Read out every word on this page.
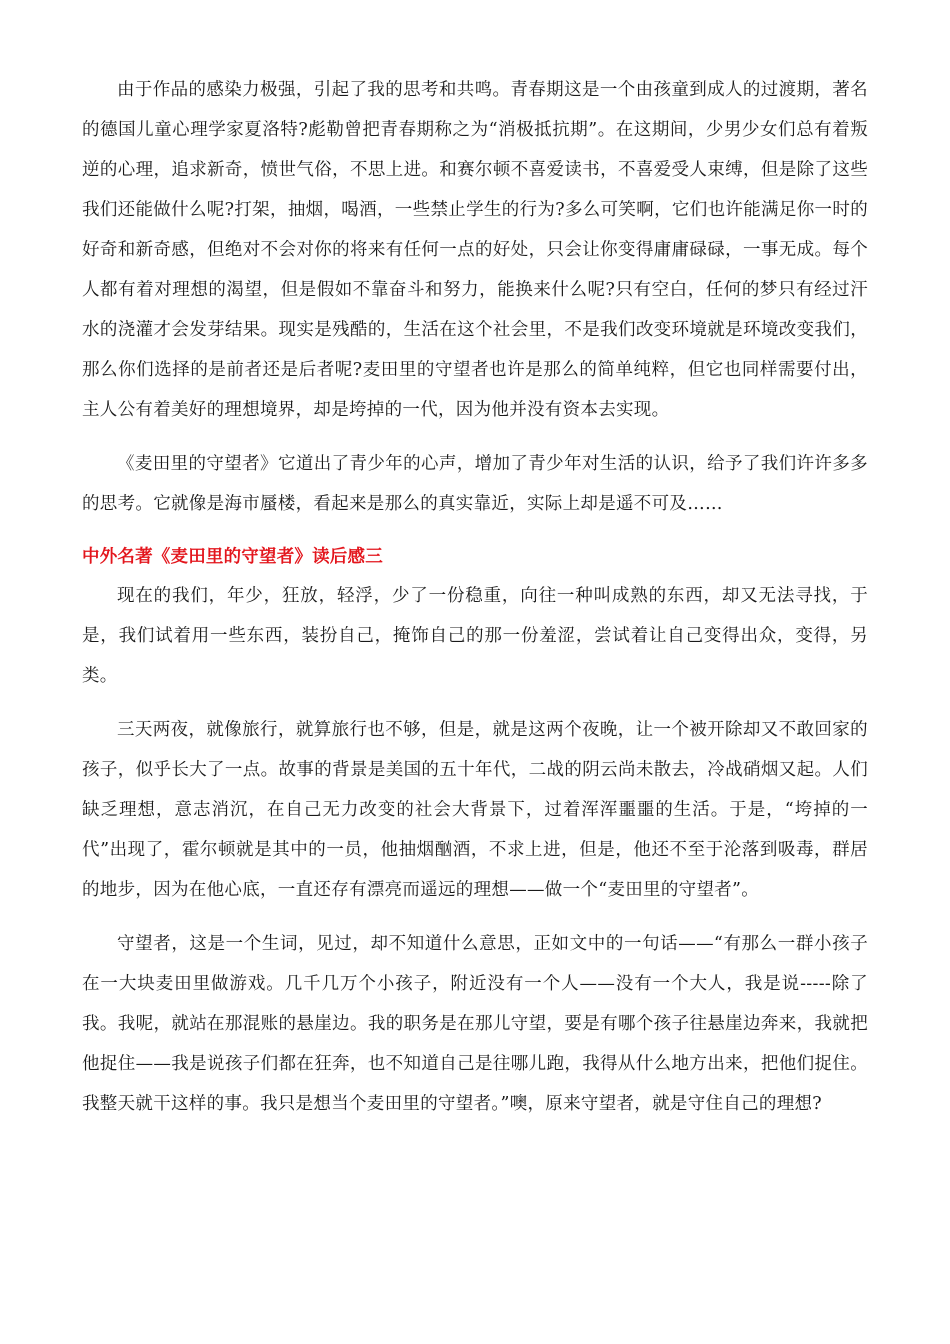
由于作品的感染力极强，引起了我的思考和共鸣。青春期这是一个由孩童到成人的过渡期，著名的德国儿童心理学家夏洛特?彪勒曾把青春期称之为“消极抵抗期”。在这期间，少男少女们总有着叛逆的心理，追求新奇，愤世气俗，不思上进。和赛尔顿不喜爱读书，不喜爱受人束缚，但是除了这些我们还能做什么呢?打架，抽烟，喝酒，一些禁止学生的行为?多么可笑啊，它们也许能满足你一时的好奇和新奇感，但绝对不会对你的将来有任何一点的好处，只会让你变得庸庸碌碌，一事无成。每个人都有着对理想的渴望，但是假如不靠奋斗和努力，能换来什么呢?只有空白，任何的梦只有经过汗水的浇灌才会发芽结果。现实是残酷的，生活在这个社会里，不是我们改变环境就是环境改变我们，那么你们选择的是前者还是后者呢?麦田里的守望者也许是那么的简单纯粹，但它也同样需要付出，主人公有着美好的理想境界，却是垮掉的一代，因为他并没有资本去实现。

《麦田里的守望者》它道出了青少年的心声，增加了青少年对生活的认识，给予了我们许许多多的思考。它就像是海市蜃楼，看起来是那么的真实靠近，实际上却是遥不可及……

中外名著《麦田里的守望者》读后感三

现在的我们，年少，狂放，轻浮，少了一份稳重，向往一种叫成熟的东西，却又无法寻找，于是，我们试着用一些东西，装扮自己，掩饰自己的那一份羞涩，尝试着让自己变得出众，变得，另类。

三天两夜，就像旅行，就算旅行也不够，但是，就是这两个夜晚，让一个被开除却又不敢回家的孩子，似乎长大了一点。故事的背景是美国的五十年代，二战的阴云尚未散去，冷战硝烟又起。人们缺乏理想，意志消沉，在自己无力改变的社会大背景下，过着浑浑噩噩的生活。于是，“垮掉的一代”出现了，霍尔顿就是其中的一员，他抽烟酗酒，不求上进，但是，他还不至于沦落到吸毒，群居的地步，因为在他心底，一直还存有漂亮而遥远的理想——做一个“麦田里的守望者”。

守望者，这是一个生词，见过，却不知道什么意思，正如文中的一句话——“有那么一群小孩子在一大块麦田里做游戏。几千几万个小孩子，附近没有一个人——没有一个大人，我是说-----除了我。我呢，就站在那混账的悬崖边。我的职务是在那儿守望，要是有哪个孩子往悬崖边奔来，我就把他捉住——我是说孩子们都在狂奔，也不知道自己是往哪儿跑，我得从什么地方出来，把他们捉住。我整天就干这样的事。我只是想当个麦田里的守望者。”噢，原来守望者，就是守住自己的理想?
